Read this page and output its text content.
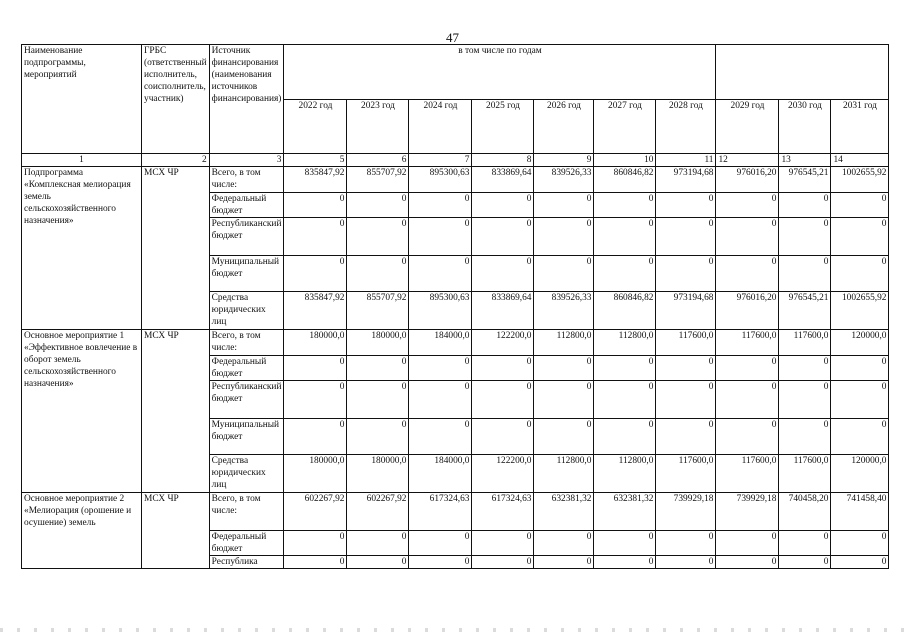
47
Наименование подпрограммы, мероприятий	ГРБС (ответственный исполнитель, соисполнитель, участник)	Источник финансирования (наименования источников финансирования)	в том числе по годам									
			2022 год	2023 год	2024 год	2025 год	2026 год	2027 год	2028 год	2029 год	2030 год	2031 год
1	2	3	5	6	7	8	9	10	11	12	13	14
Подпрограмма «Комплексная мелиорация земель сельскохозяйственного назначения»	МСХ ЧР	Всего, в том числе:	835847,92	855707,92	895300,63	833869,64	839526,33	860846,82	973194,68	976016,20	976545,21	1002655,92
		Федеральный бюджет	0	0	0	0	0	0	0	0	0	0
		Республиканский бюджет	0	0	0	0	0	0	0	0	0	0
		Муниципальный бюджет	0	0	0	0	0	0	0	0	0	0
		Средства юридических лиц	835847,92	855707,92	895300,63	833869,64	839526,33	860846,82	973194,68	976016,20	976545,21	1002655,92
Основное мероприятие 1 «Эффективное вовлечение в оборот земель сельскохозяйственного назначения»	МСХ ЧР	Всего, в том числе:	180000,0	180000,0	184000,0	122200,0	112800,0	112800,0	117600,0	117600,0	117600,0	120000,0
		Федеральный бюджет	0	0	0	0	0	0	0	0	0	0
		Республиканский бюджет	0	0	0	0	0	0	0	0	0	0
		Муниципальный бюджет	0	0	0	0	0	0	0	0	0	0
		Средства юридических лиц	180000,0	180000,0	184000,0	122200,0	112800,0	112800,0	117600,0	117600,0	117600,0	120000,0
Основное мероприятие 2 «Мелиорация (орошение и осушение) земель	МСХ ЧР	Всего, в том числе:	602267,92	602267,92	617324,63	617324,63	632381,32	632381,32	739929,18	739929,18	740458,20	741458,40
		Федеральный бюджет	0	0	0	0	0	0	0	0	0	0
		Республика	0	0	0	0	0	0	0	0	0	0
